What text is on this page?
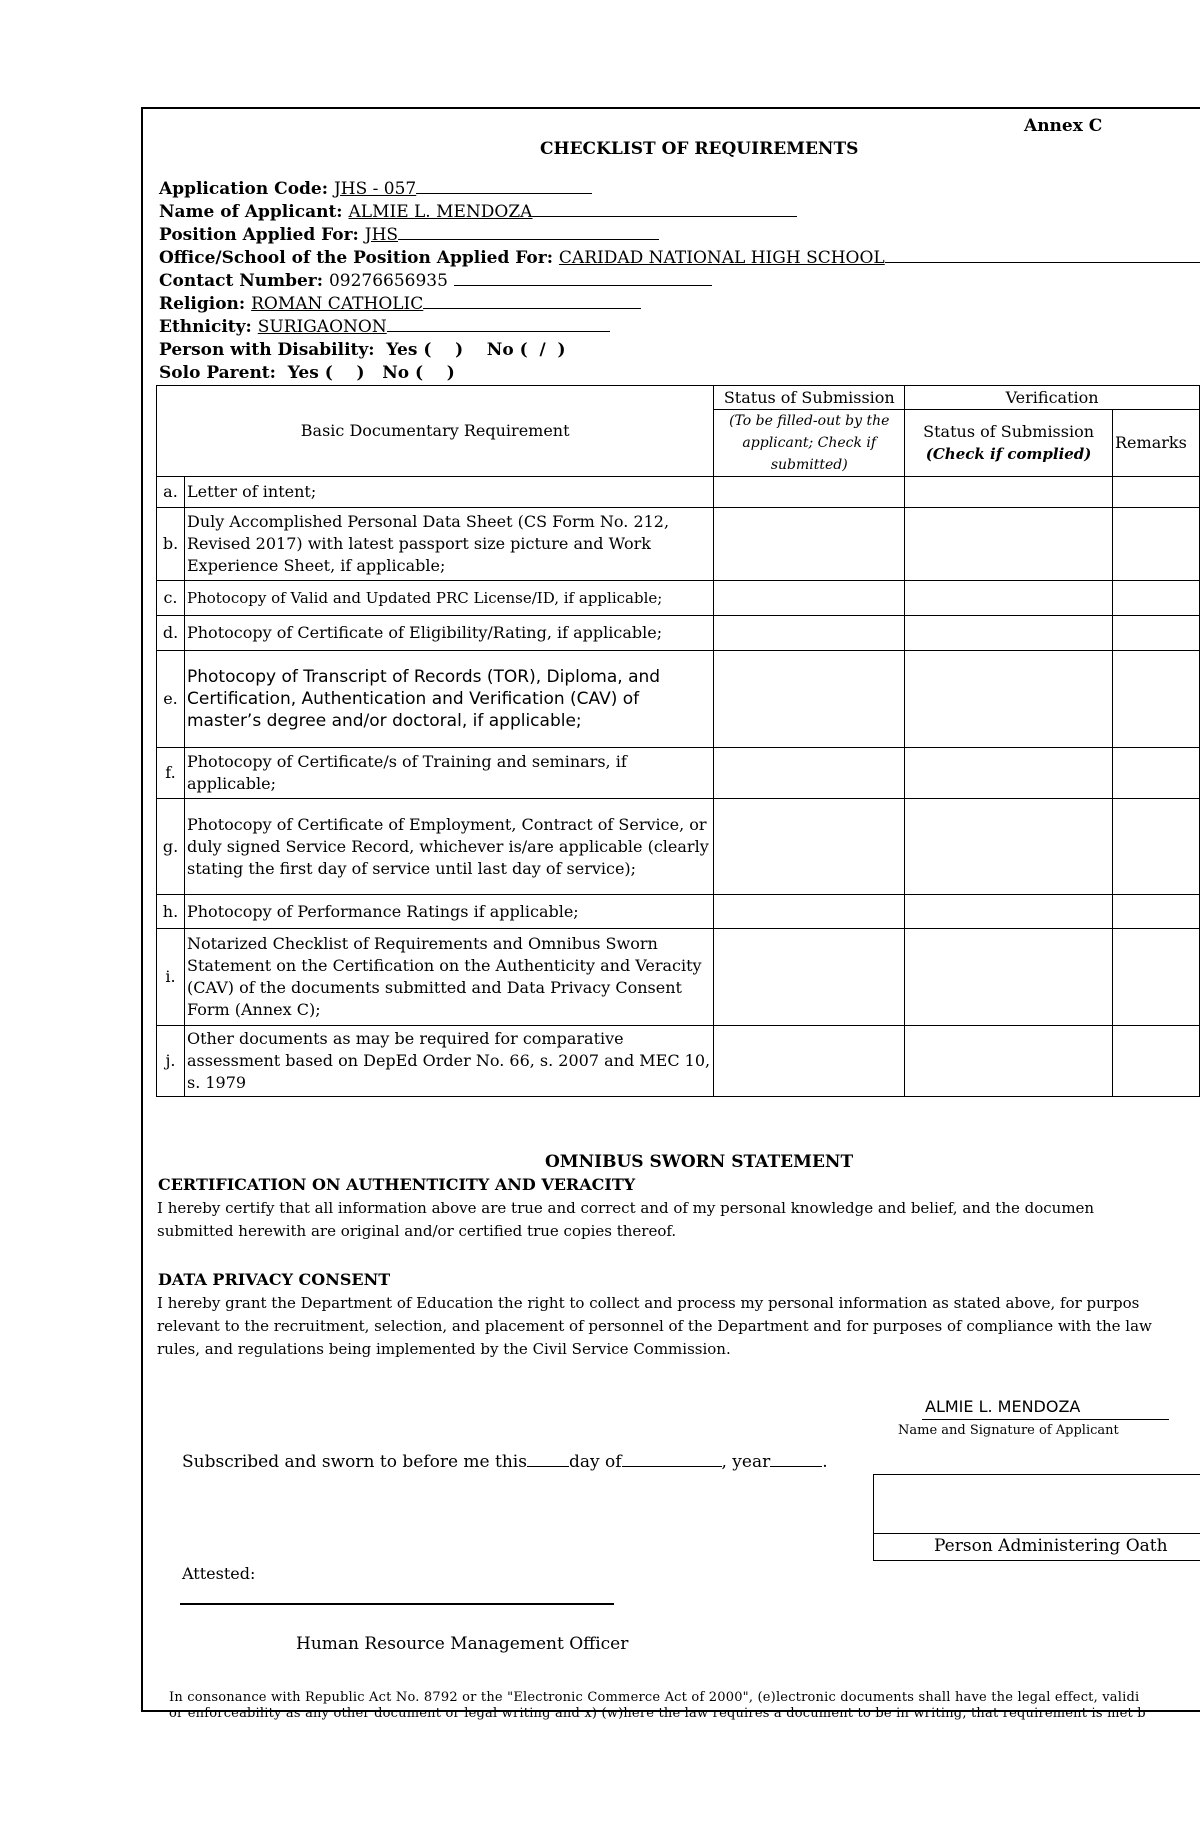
Annex C
CHECKLIST OF REQUIREMENTS
Application Code: JHS - 057
Name of Applicant: ALMIE L. MENDOZA
Position Applied For: JHS
Office/School of the Position Applied For: CARIDAD NATIONAL HIGH SCHOOL
Contact Number: 09276656935
Religion: ROMAN CATHOLIC
Ethnicity: SURIGAONON
Person with Disability:  Yes (    )    No (  /  )
Solo Parent:  Yes (    )   No (    )
Basic Documentary Requirement		Status of Submission	Verification	
		(To be filled-out by the applicant; Check if submitted)	Status of Submission
(Check if complied)	Remarks
a.	Letter of intent;			
b.	Duly Accomplished Personal Data Sheet (CS Form No. 212, Revised 2017) with latest passport size picture and Work Experience Sheet, if applicable;			
c.	Photocopy of Valid and Updated PRC License/ID, if applicable;			
d.	Photocopy of Certificate of Eligibility/Rating, if applicable;			
e.	Photocopy of Transcript of Records (TOR), Diploma, and Certification, Authentication and Verification (CAV) of master’s degree and/or doctoral, if applicable;			
f.	Photocopy of Certificate/s of Training and seminars, if applicable;			
g.	Photocopy of Certificate of Employment, Contract of Service, or duly signed Service Record, whichever is/are applicable (clearly stating the first day of service until last day of service);			
h.	Photocopy of Performance Ratings if applicable;			
i.	Notarized Checklist of Requirements and Omnibus Sworn Statement on the Certification on the Authenticity and Veracity (CAV) of the documents submitted and Data Privacy Consent Form (Annex C);			
j.	Other documents as may be required for comparative assessment based on DepEd Order No. 66, s. 2007 and MEC 10, s. 1979			
OMNIBUS SWORN STATEMENT
CERTIFICATION ON AUTHENTICITY AND VERACITY
I hereby certify that all information above are true and correct and of my personal knowledge and belief, and the documen
submitted herewith are original and/or certified true copies thereof.
DATA PRIVACY CONSENT
I hereby grant the Department of Education the right to collect and process my personal information as stated above, for purpos
relevant to the recruitment, selection, and placement of personnel of the Department and for purposes of compliance with the law
rules, and regulations being implemented by the Civil Service Commission.
ALMIE L. MENDOZA
Name and Signature of Applicant
Subscribed and sworn to before me this day of	, year	.
Person Administering Oath
Attested:
Human Resource Management Officer
In consonance with Republic Act No. 8792 or the "Electronic Commerce Act of 2000", (e)lectronic documents shall have the legal effect, validi
or enforceability as any other document or legal writing and x) (w)here the law requires a document to be in writing, that requirement is met b
